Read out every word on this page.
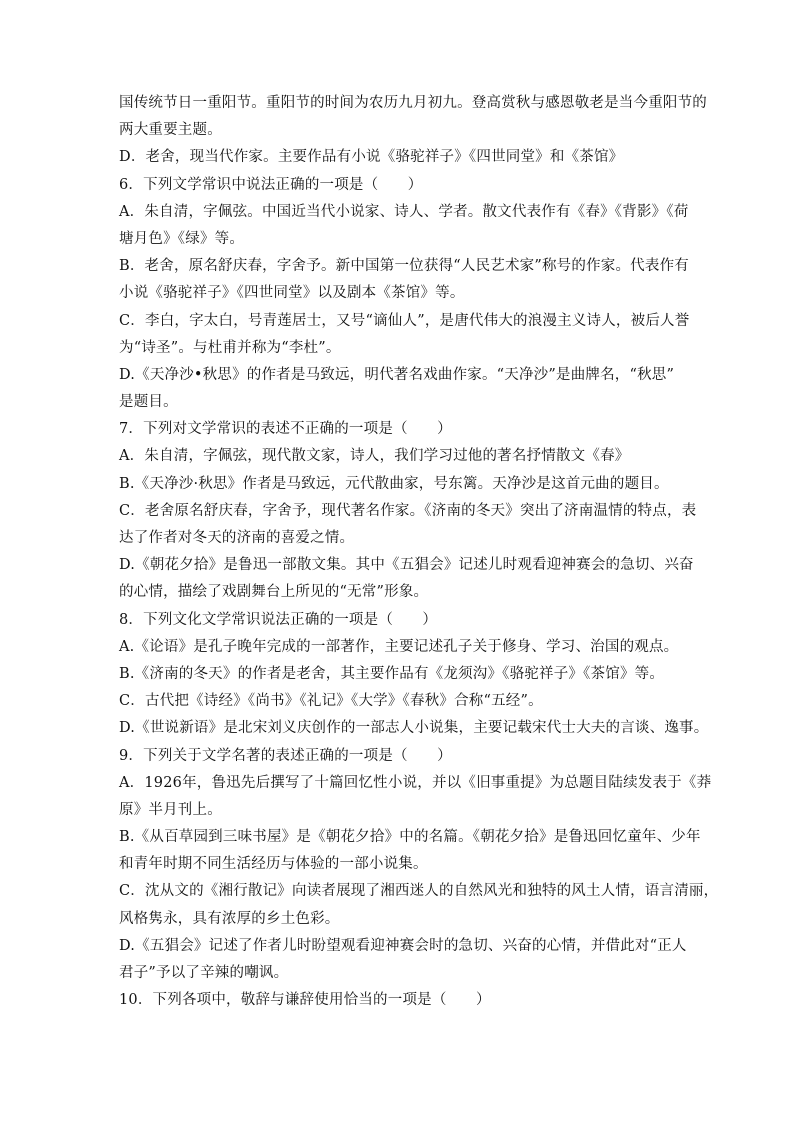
国传统节日一重阳节。重阳节的时间为农历九月初九。登高赏秋与感恩敬老是当今重阳节的
两大重要主题。
D．老舍，现当代作家。主要作品有小说《骆驼祥子》《四世同堂》和《茶馆》
6．下列文学常识中说法正确的一项是（　　）
A．朱自清，字佩弦。中国近当代小说家、诗人、学者。散文代表作有《春》《背影》《荷
塘月色》《绿》等。
B．老舍，原名舒庆春，字舍予。新中国第一位获得“人民艺术家”称号的作家。代表作有
小说《骆驼祥子》《四世同堂》以及剧本《茶馆》等。
C．李白，字太白，号青莲居士，又号“谪仙人”，是唐代伟大的浪漫主义诗人，被后人誉
为“诗圣”。与杜甫并称为“李杜”。
D.《天净沙•秋思》的作者是马致远，明代著名戏曲作家。“天净沙”是曲牌名，“秋思”
是题目。
7．下列对文学常识的表述不正确的一项是（　　）
A．朱自清，字佩弦，现代散文家，诗人，我们学习过他的著名抒情散文《春》
B.《天净沙·秋思》作者是马致远，元代散曲家，号东篱。天净沙是这首元曲的题目。
C．老舍原名舒庆春，字舍予，现代著名作家。《济南的冬天》突出了济南温情的特点，表
达了作者对冬天的济南的喜爱之情。
D.《朝花夕拾》是鲁迅一部散文集。其中《五猖会》记述儿时观看迎神赛会的急切、兴奋
的心情，描绘了戏剧舞台上所见的“无常”形象。
8．下列文化文学常识说法正确的一项是（　　）
A.《论语》是孔子晚年完成的一部著作，主要记述孔子关于修身、学习、治国的观点。
B.《济南的冬天》的作者是老舍，其主要作品有《龙须沟》《骆驼祥子》《茶馆》等。
C．古代把《诗经》《尚书》《礼记》《大学》《春秋》合称“五经”。
D.《世说新语》是北宋刘义庆创作的一部志人小说集，主要记载宋代士大夫的言谈、逸事。
9．下列关于文学名著的表述正确的一项是（　　）
A．1926年，鲁迅先后撰写了十篇回忆性小说，并以《旧事重提》为总题目陆续发表于《莽
原》半月刊上。
B.《从百草园到三味书屋》是《朝花夕拾》中的名篇。《朝花夕拾》是鲁迅回忆童年、少年
和青年时期不同生活经历与体验的一部小说集。
C．沈从文的《湘行散记》向读者展现了湘西迷人的自然风光和独特的风土人情，语言清丽，
风格隽永，具有浓厚的乡土色彩。
D.《五猖会》记述了作者儿时盼望观看迎神赛会时的急切、兴奋的心情，并借此对“正人
君子”予以了辛辣的嘲讽。
10．下列各项中，敬辞与谦辞使用恰当的一项是（　　）
